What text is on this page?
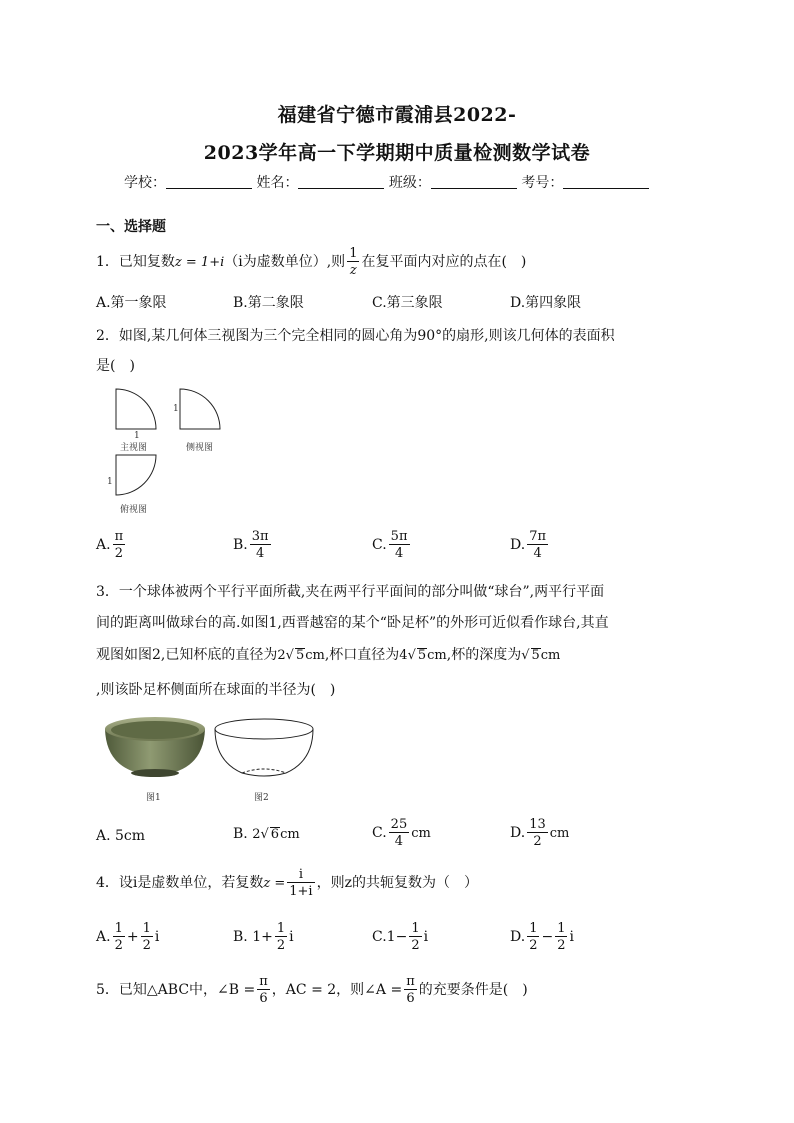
福建省宁德市霞浦县2022-
2023学年高一下学期期中质量检测数学试卷
学校：	姓名：	班级：	考号：
一、选择题
1．已知复数z = 1+i（i为虚数单位）,则 $\frac{1}{z}$ 在复平面内对应的点在(　)
A.第一象限	B.第二象限	C.第三象限	D.第四象限
2．如图,某几何体三视图为三个完全相同的圆心角为90°的扇形,则该几何体的表面积
是(　)
1
1
1
主视图	侧视图
俯视图
A. $\frac{\pi}{2}$	B. $\frac{3\pi}{4}$	C. $\frac{5\pi}{4}$	D. $\frac{7\pi}{4}$
3．一个球体被两个平行平面所截,夹在两平行平面间的部分叫做“球台”,两平行平面
间的距离叫做球台的高.如图1,西晋越窑的某个“卧足杯”的外形可近似看作球台,其直
观图如图2,已知杯底的直径为2√ 5cm,杯口直径为4√ 5cm,杯的深度为√ 5cm
,则该卧足杯侧面所在球面的半径为(　)
图1	图2
A. 5cm	B. 2√ 6cm	C. $\frac{25}{4}$ cm	D. $\frac{13}{2}$ cm
4．设i是虚数单位，若复数$z = \frac{i}{1+i}$ ，则z的共轭复数为（　）
A. $\frac{1}{2} + \frac{1}{2}$ i	B. $1+ \frac{1}{2}$ i	$C.1- \frac{1}{2}$ i	D. $\frac{1}{2} - \frac{1}{2}$ i
5．已知△ABC中，∠B = $\frac{\pi}{6}$ ，AC = 2，则∠A = $\frac{\pi}{6}$ 的充要条件是(　)
